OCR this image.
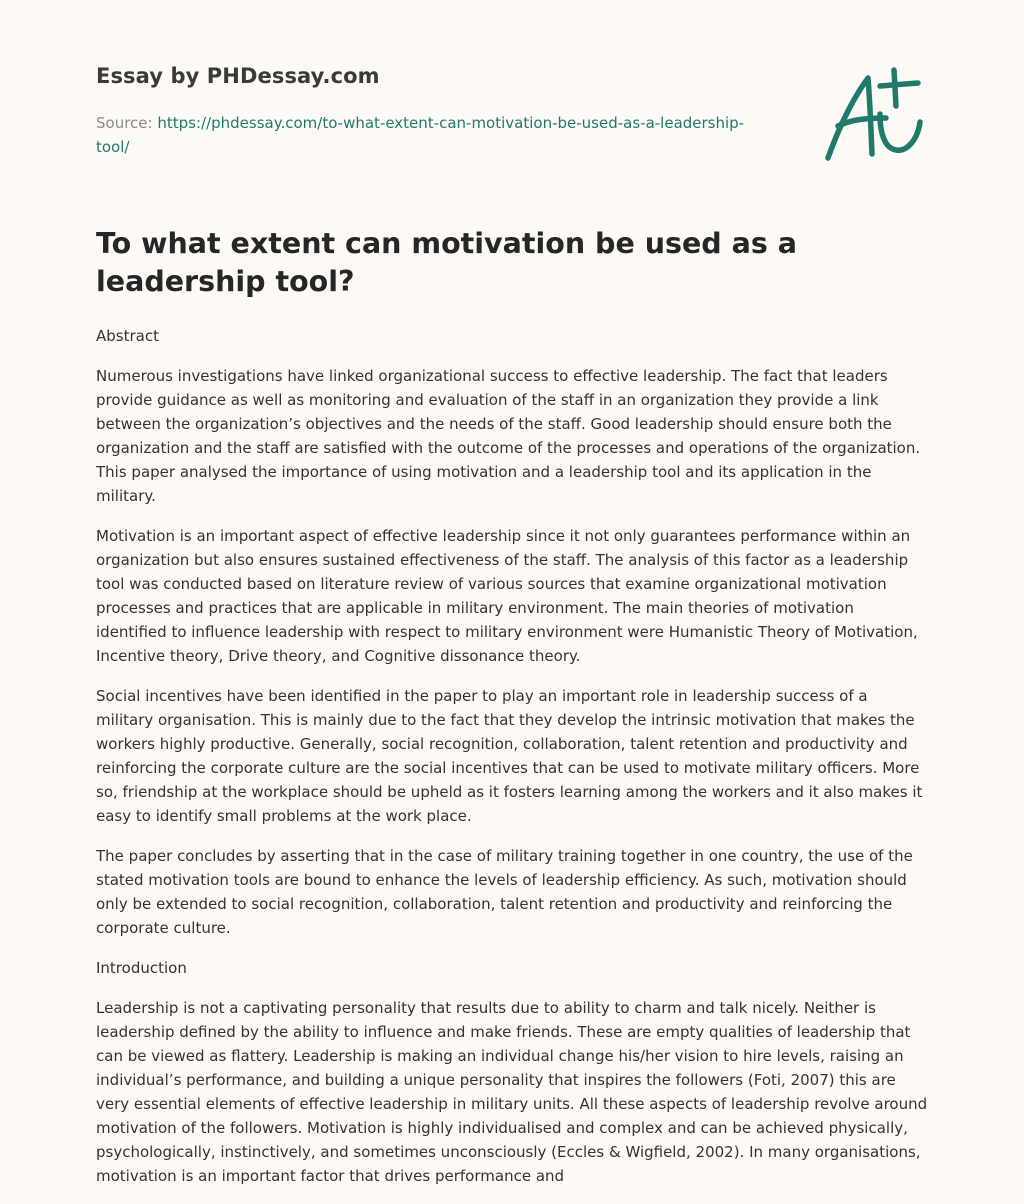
Essay by PHDessay.com

Source: https://phdessay.com/to-what-extent-can-motivation-be-used-as-a-leadership-
tool/

To what extent can motivation be used as a leadership tool?

Abstract

Numerous investigations have linked organizational success to effective leadership. The fact that leaders provide guidance as well as monitoring and evaluation of the staff in an organization they provide a link between the organization’s objectives and the needs of the staff. Good leadership should ensure both the organization and the staff are satisfied with the outcome of the processes and operations of the organization. This paper analysed the importance of using motivation and a leadership tool and its application in the military.

Motivation is an important aspect of effective leadership since it not only guarantees performance within an organization but also ensures sustained effectiveness of the staff. The analysis of this factor as a leadership tool was conducted based on literature review of various sources that examine organizational motivation processes and practices that are applicable in military environment. The main theories of motivation identified to influence leadership with respect to military environment were Humanistic Theory of Motivation, Incentive theory, Drive theory, and Cognitive dissonance theory.

Social incentives have been identified in the paper to play an important role in leadership success of a military organisation. This is mainly due to the fact that they develop the intrinsic motivation that makes the workers highly productive. Generally, social recognition, collaboration, talent retention and productivity and reinforcing the corporate culture are the social incentives that can be used to motivate military officers. More so, friendship at the workplace should be upheld as it fosters learning among the workers and it also makes it easy to identify small problems at the work place.

The paper concludes by asserting that in the case of military training together in one country, the use of the stated motivation tools are bound to enhance the levels of leadership efficiency. As such, motivation should only be extended to social recognition, collaboration, talent retention and productivity and reinforcing the corporate culture.

Introduction

Leadership is not a captivating personality that results due to ability to charm and talk nicely. Neither is leadership defined by the ability to influence and make friends. These are empty qualities of leadership that can be viewed as flattery. Leadership is making an individual change his/her vision to hire levels, raising an individual’s performance, and building a unique personality that inspires the followers (Foti, 2007) this are very essential elements of effective leadership in military units. All these aspects of leadership revolve around motivation of the followers. Motivation is highly individualised and complex and can be achieved physically, psychologically, instinctively, and sometimes unconsciously (Eccles & Wigfield, 2002). In many organisations, motivation is an important factor that drives performance and
